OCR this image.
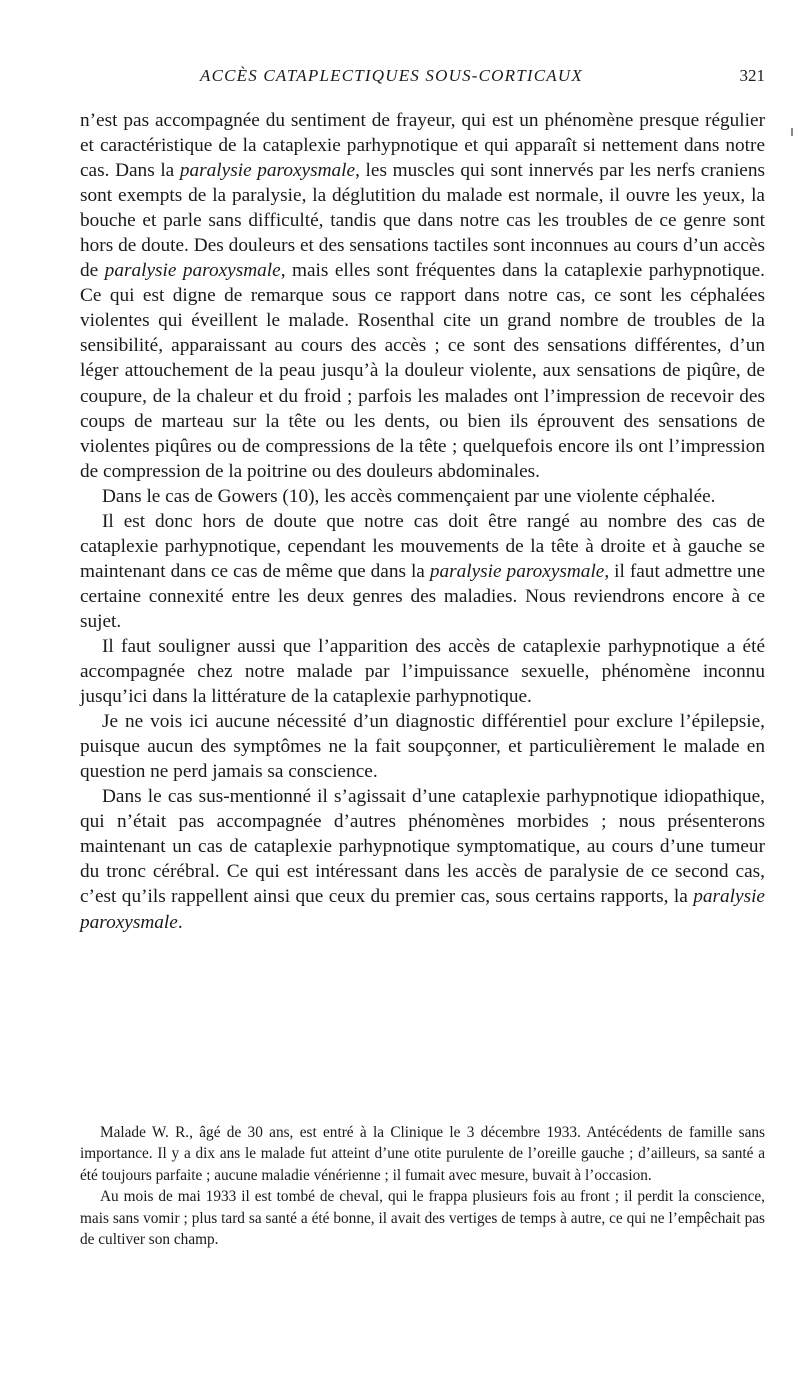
ACCÈS CATAPLECTIQUES SOUS-CORTICAUX	321

n’est pas accompagnée du sentiment de frayeur, qui est un phénomène presque régulier et caractéristique de la cataplexie parhypnotique et qui apparaît si nettement dans notre cas. Dans la paralysie paroxysmale, les muscles qui sont innervés par les nerfs craniens sont exempts de la paralysie, la déglutition du malade est normale, il ouvre les yeux, la bouche et parle sans difficulté, tandis que dans notre cas les troubles de ce genre sont hors de doute. Des douleurs et des sensations tactiles sont inconnues au cours d’un accès de paralysie paroxysmale, mais elles sont fréquentes dans la cataplexie parhypnotique. Ce qui est digne de remarque sous ce rapport dans notre cas, ce sont les céphalées violentes qui éveillent le malade. Rosenthal cite un grand nombre de troubles de la sensibilité, apparaissant au cours des accès ; ce sont des sensations différentes, d’un léger attouchement de la peau jusqu’à la douleur violente, aux sensations de piqûre, de coupure, de la chaleur et du froid ; parfois les malades ont l’impression de recevoir des coups de marteau sur la tête ou les dents, ou bien ils éprouvent des sensations de violentes piqûres ou de compressions de la tête ; quelquefois encore ils ont l’impression de compression de la poitrine ou des douleurs abdominales.

Dans le cas de Gowers (10), les accès commençaient par une violente céphalée.

Il est donc hors de doute que notre cas doit être rangé au nombre des cas de cataplexie parhypnotique, cependant les mouvements de la tête à droite et à gauche se maintenant dans ce cas de même que dans la paralysie paroxysmale, il faut admettre une certaine connexité entre les deux genres des maladies. Nous reviendrons encore à ce sujet.

Il faut souligner aussi que l’apparition des accès de cataplexie parhypnotique a été accompagnée chez notre malade par l’impuissance sexuelle, phénomène inconnu jusqu’ici dans la littérature de la cataplexie parhypnotique.

Je ne vois ici aucune nécessité d’un diagnostic différentiel pour exclure l’épilepsie, puisque aucun des symptômes ne la fait soupçonner, et particulièrement le malade en question ne perd jamais sa conscience.

Dans le cas sus-mentionné il s’agissait d’une cataplexie parhypnotique idiopathique, qui n’était pas accompagnée d’autres phénomènes morbides ; nous présenterons maintenant un cas de cataplexie parhypnotique symptomatique, au cours d’une tumeur du tronc cérébral. Ce qui est intéressant dans les accès de paralysie de ce second cas, c’est qu’ils rappellent ainsi que ceux du premier cas, sous certains rapports, la paralysie paroxysmale.

Malade W. R., âgé de 30 ans, est entré à la Clinique le 3 décembre 1933. Antécédents de famille sans importance. Il y a dix ans le malade fut atteint d’une otite purulente de l’oreille gauche ; d’ailleurs, sa santé a été toujours parfaite ; aucune maladie vénérienne ; il fumait avec mesure, buvait à l’occasion.

Au mois de mai 1933 il est tombé de cheval, qui le frappa plusieurs fois au front ; il perdit la conscience, mais sans vomir ; plus tard sa santé a été bonne, il avait des vertiges de temps à autre, ce qui ne l’empêchait pas de cultiver son champ.
